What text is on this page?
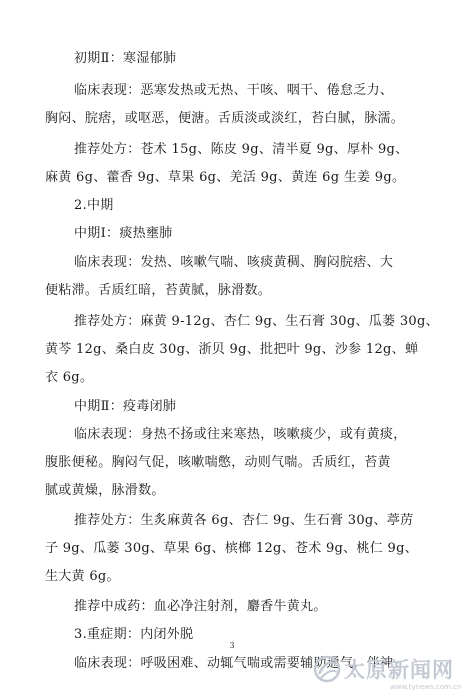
初期Ⅱ：寒湿郁肺
临床表现：恶寒发热或无热、干咳、咽干、倦怠乏力、
胸闷、脘痞，或呕恶，便溏。舌质淡或淡红，苔白腻，脉濡。
推荐处方：苍术 15g、陈皮 9g、清半夏 9g、厚朴 9g、
麻黄 6g、藿香 9g、草果 6g、羌活 9g、黄连 6g 生姜 9g。
2.中期
中期Ⅰ：痰热壅肺
临床表现：发热、咳嗽气喘、咳痰黄稠、胸闷脘痞、大
便粘滞。舌质红暗，苔黄腻，脉滑数。
推荐处方：麻黄 9-12g、杏仁 9g、生石膏 30g、瓜蒌 30g、
黄芩 12g、桑白皮 30g、浙贝 9g、批把叶 9g、沙参 12g、蝉
衣 6g。
中期Ⅱ：疫毒闭肺
临床表现：身热不扬或往来寒热，咳嗽痰少，或有黄痰，
腹胀便秘。胸闷气促，咳嗽喘憋，动则气喘。舌质红，苔黄
腻或黄燥，脉滑数。
推荐处方：生炙麻黄各 6g、杏仁 9g、生石膏 30g、葶苈
子 9g、瓜蒌 30g、草果 6g、槟榔 12g、苍术 9g、桃仁 9g、
生大黄 6g。
推荐中成药：血必净注射剂，麝香牛黄丸。
3.重症期：内闭外脱
临床表现：呼吸困难、动辄气喘或需要辅助通气，伴神
3
太原新闻网
www.tynews.com.cn
